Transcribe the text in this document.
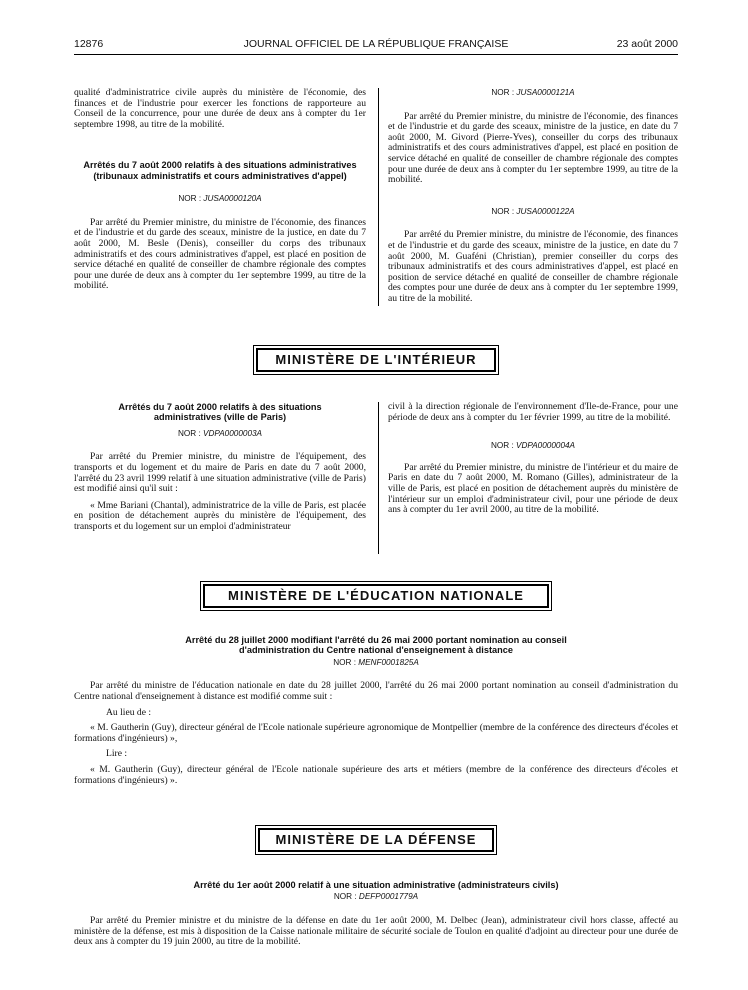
12876	JOURNAL OFFICIEL DE LA RÉPUBLIQUE FRANÇAISE	23 août 2000

qualité d'administratrice civile auprès du ministère de l'économie, des finances et de l'industrie pour exercer les fonctions de rapporteure au Conseil de la concurrence, pour une durée de deux ans à compter du 1er septembre 1998, au titre de la mobilité.

Arrêtés du 7 août 2000 relatifs à des situations administratives (tribunaux administratifs et cours administratives d'appel)
NOR : JUSA0000120A

Par arrêté du Premier ministre, du ministre de l'économie, des finances et de l'industrie et du garde des sceaux, ministre de la justice, en date du 7 août 2000, M. Besle (Denis), conseiller du corps des tribunaux administratifs et des cours administratives d'appel, est placé en position de service détaché en qualité de conseiller de chambre régionale des comptes pour une durée de deux ans à compter du 1er septembre 1999, au titre de la mobilité.

NOR : JUSA0000121A

Par arrêté du Premier ministre, du ministre de l'économie, des finances et de l'industrie et du garde des sceaux, ministre de la justice, en date du 7 août 2000, M. Givord (Pierre-Yves), conseiller du corps des tribunaux administratifs et des cours administratives d'appel, est placé en position de service détaché en qualité de conseiller de chambre régionale des comptes pour une durée de deux ans à compter du 1er septembre 1999, au titre de la mobilité.

NOR : JUSA0000122A

Par arrêté du Premier ministre, du ministre de l'économie, des finances et de l'industrie et du garde des sceaux, ministre de la justice, en date du 7 août 2000, M. Guaféni (Christian), premier conseiller du corps des tribunaux administratifs et des cours administratives d'appel, est placé en position de service détaché en qualité de conseiller de chambre régionale des comptes pour une durée de deux ans à compter du 1er septembre 1999, au titre de la mobilité.

MINISTÈRE DE L'INTÉRIEUR
Arrêtés du 7 août 2000 relatifs à des situations administratives (ville de Paris)
NOR : VDPA0000003A

Par arrêté du Premier ministre, du ministre de l'équipement, des transports et du logement et du maire de Paris en date du 7 août 2000, l'arrêté du 23 avril 1999 relatif à une situation administrative (ville de Paris) est modifié ainsi qu'il suit :

« Mme Bariani (Chantal), administratrice de la ville de Paris, est placée en position de détachement auprès du ministère de l'équipement, des transports et du logement sur un emploi d'administrateur

civil à la direction régionale de l'environnement d'Ile-de-France, pour une période de deux ans à compter du 1er février 1999, au titre de la mobilité.

NOR : VDPA0000004A

Par arrêté du Premier ministre, du ministre de l'intérieur et du maire de Paris en date du 7 août 2000, M. Romano (Gilles), administrateur de la ville de Paris, est placé en position de détachement auprès du ministère de l'intérieur sur un emploi d'administrateur civil, pour une période de deux ans à compter du 1er avril 2000, au titre de la mobilité.

MINISTÈRE DE L'ÉDUCATION NATIONALE
Arrêté du 28 juillet 2000 modifiant l'arrêté du 26 mai 2000 portant nomination au conseil d'administration du Centre national d'enseignement à distance
NOR : MENF0001825A

Par arrêté du ministre de l'éducation nationale en date du 28 juillet 2000, l'arrêté du 26 mai 2000 portant nomination au conseil d'administration du Centre national d'enseignement à distance est modifié comme suit :

Au lieu de :

« M. Gautherin (Guy), directeur général de l'Ecole nationale supérieure agronomique de Montpellier (membre de la conférence des directeurs d'écoles et formations d'ingénieurs) »,

Lire :

« M. Gautherin (Guy), directeur général de l'Ecole nationale supérieure des arts et métiers (membre de la conférence des directeurs d'écoles et formations d'ingénieurs) ».

MINISTÈRE DE LA DÉFENSE
Arrêté du 1er août 2000 relatif à une situation administrative (administrateurs civils)
NOR : DEFP0001779A

Par arrêté du Premier ministre et du ministre de la défense en date du 1er août 2000, M. Delbec (Jean), administrateur civil hors classe, affecté au ministère de la défense, est mis à disposition de la Caisse nationale militaire de sécurité sociale de Toulon en qualité d'adjoint au directeur pour une durée de deux ans à compter du 19 juin 2000, au titre de la mobilité.
